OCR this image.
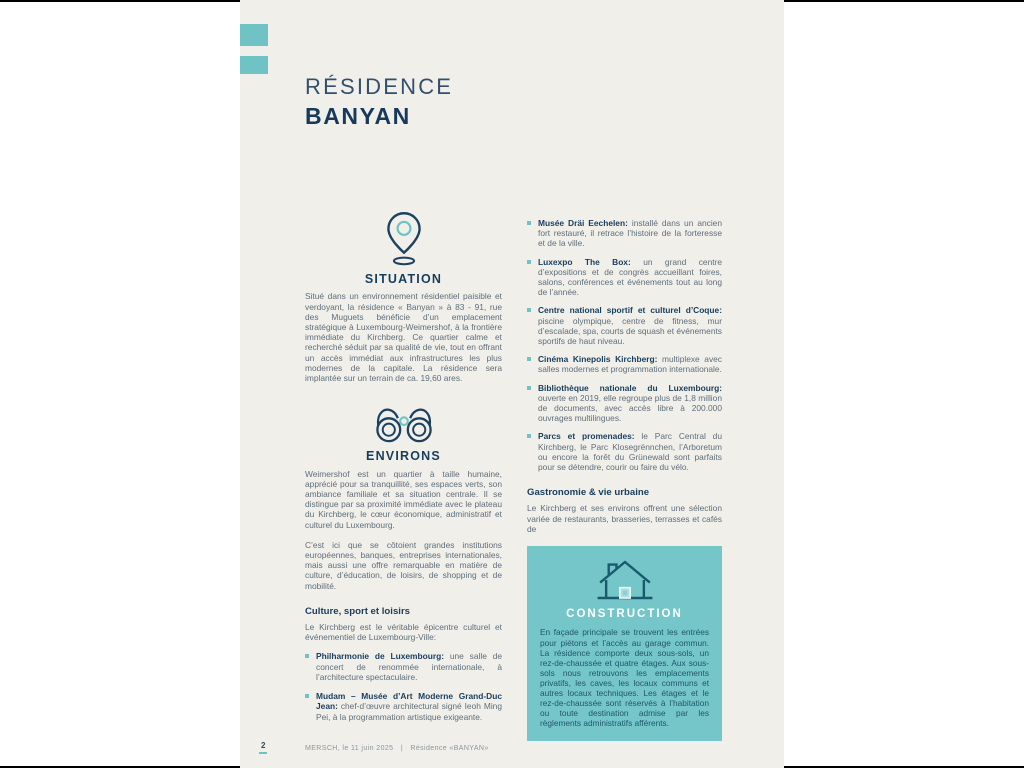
RÉSIDENCE
BANYAN
SITUATION
Situé dans un environnement résidentiel paisible et verdoyant, la résidence « Banyan » à 83 - 91, rue des Muguets bénéficie d’un emplacement stratégique à Luxembourg-Weimershof, à la frontière immédiate du Kirchberg. Ce quartier calme et recherché séduit par sa qualité de vie, tout en offrant un accès immédiat aux infrastructures les plus modernes de la capitale. La résidence sera implantée sur un terrain de ca. 19,60 ares.
ENVIRONS
Weimershof est un quartier à taille humaine, apprécié pour sa tranquillité, ses espaces verts, son ambiance familiale et sa situation centrale. Il se distingue par sa proximité immédiate avec le plateau du Kirchberg, le cœur économique, administratif et culturel du Luxembourg.
C’est ici que se côtoient grandes institutions européennes, banques, entreprises internationales, mais aussi une offre remarquable en matière de culture, d’éducation, de loisirs, de shopping et de mobilité.
Culture, sport et loisirs
Le Kirchberg est le véritable épicentre culturel et événementiel de Luxembourg-Ville:
Philharmonie de Luxembourg: une salle de concert de renommée internationale, à l’architecture spectaculaire.
Mudam – Musée d’Art Moderne Grand-Duc Jean: chef-d’œuvre architectural signé Ieoh Ming Pei, à la programmation artistique exigeante.
Musée Dräi Eechelen: installé dans un ancien fort restauré, il retrace l’histoire de la forteresse et de la ville.
Luxexpo The Box: un grand centre d’expositions et de congrès accueillant foires, salons, conférences et événements tout au long de l’année.
Centre national sportif et culturel d’Coque: piscine olympique, centre de fitness, mur d’escalade, spa, courts de squash et événements sportifs de haut niveau.
Cinéma Kinepolis Kirchberg: multiplexe avec salles modernes et programmation internationale.
Bibliothèque nationale du Luxembourg: ouverte en 2019, elle regroupe plus de 1,8 million de documents, avec accès libre à 200.000 ouvrages multilingues.
Parcs et promenades: le Parc Central du Kirchberg, le Parc Klosegrënnchen, l’Arboretum ou encore la forêt du Grünewald sont parfaits pour se détendre, courir ou faire du vélo.
Gastronomie & vie urbaine
Le Kirchberg et ses environs offrent une sélection variée de restaurants, brasseries, terrasses et cafés de
CONSTRUCTION
En façade principale se trouvent les entrées pour piétons et l’accès au garage commun. La résidence comporte deux sous-sols, un rez-de-chaussée et quatre étages. Aux sous-sols nous retrouvons les emplacements privatifs, les caves, les locaux communs et autres locaux techniques. Les étages et le rez-de-chaussée sont réservés à l’habitation ou toute destination admise par les règlements administratifs afférents.
2	MERSCH, le 11 juin 2025 | Résidence «BANYAN»
